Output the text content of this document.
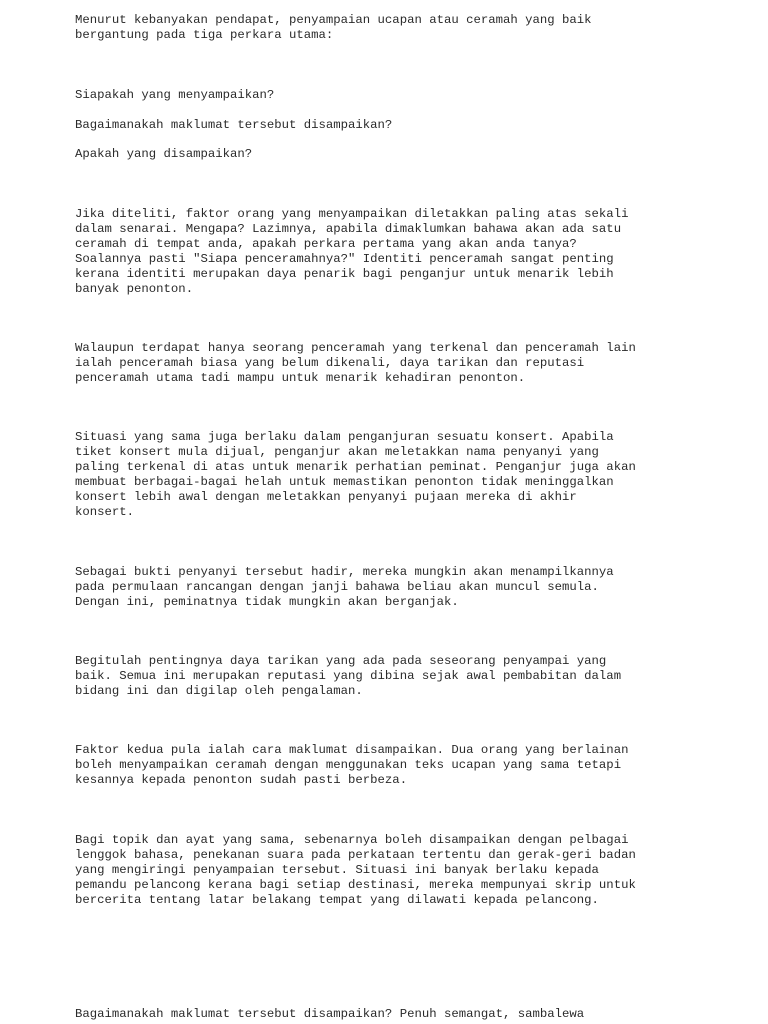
Menurut kebanyakan pendapat, penyampaian ucapan atau ceramah yang baik
bergantung pada tiga perkara utama:

Siapakah yang menyampaikan?

Bagaimanakah maklumat tersebut disampaikan?

Apakah yang disampaikan?

Jika diteliti, faktor orang yang menyampaikan diletakkan paling atas sekali
dalam senarai. Mengapa? Lazimnya, apabila dimaklumkan bahawa akan ada satu
ceramah di tempat anda, apakah perkara pertama yang akan anda tanya?
Soalannya pasti "Siapa penceramahnya?" Identiti penceramah sangat penting
kerana identiti merupakan daya penarik bagi penganjur untuk menarik lebih
banyak penonton.

Walaupun terdapat hanya seorang penceramah yang terkenal dan penceramah lain
ialah penceramah biasa yang belum dikenali, daya tarikan dan reputasi
penceramah utama tadi mampu untuk menarik kehadiran penonton.

Situasi yang sama juga berlaku dalam penganjuran sesuatu konsert. Apabila
tiket konsert mula dijual, penganjur akan meletakkan nama penyanyi yang
paling terkenal di atas untuk menarik perhatian peminat. Penganjur juga akan
membuat berbagai-bagai helah untuk memastikan penonton tidak meninggalkan
konsert lebih awal dengan meletakkan penyanyi pujaan mereka di akhir
konsert.

Sebagai bukti penyanyi tersebut hadir, mereka mungkin akan menampilkannya
pada permulaan rancangan dengan janji bahawa beliau akan muncul semula.
Dengan ini, peminatnya tidak mungkin akan berganjak.

Begitulah pentingnya daya tarikan yang ada pada seseorang penyampai yang
baik. Semua ini merupakan reputasi yang dibina sejak awal pembabitan dalam
bidang ini dan digilap oleh pengalaman.

Faktor kedua pula ialah cara maklumat disampaikan. Dua orang yang berlainan
boleh menyampaikan ceramah dengan menggunakan teks ucapan yang sama tetapi
kesannya kepada penonton sudah pasti berbeza.

Bagi topik dan ayat yang sama, sebenarnya boleh disampaikan dengan pelbagai
lenggok bahasa, penekanan suara pada perkataan tertentu dan gerak-geri badan
yang mengiringi penyampaian tersebut. Situasi ini banyak berlaku kepada
pemandu pelancong kerana bagi setiap destinasi, mereka mempunyai skrip untuk
bercerita tentang latar belakang tempat yang dilawati kepada pelancong.

Bagaimanakah maklumat tersebut disampaikan? Penuh semangat, sambalewa
